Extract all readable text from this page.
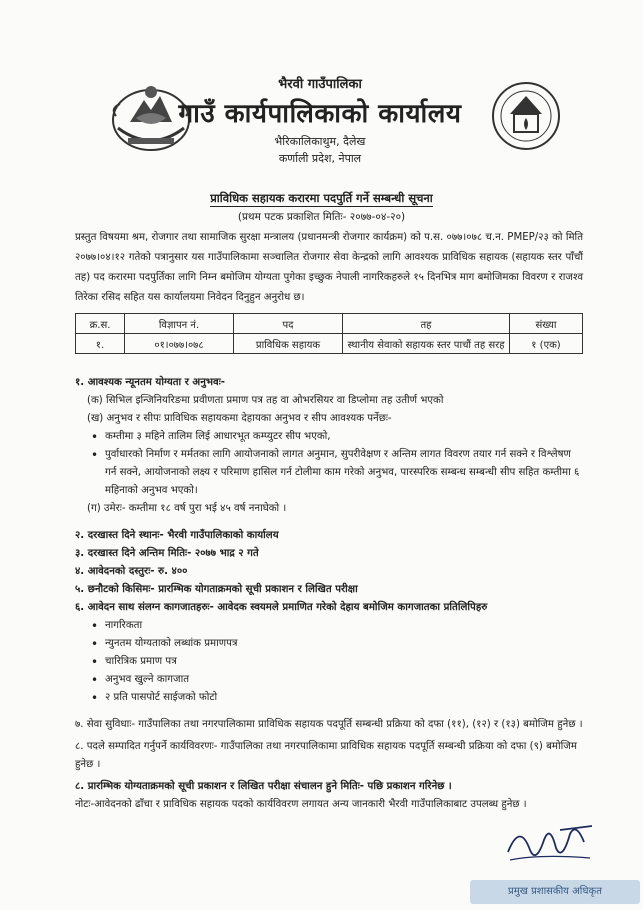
भैरवी गाउँपालिका
गाउँ कार्यपालिकाको कार्यालय
भैरिकालिकाथुम, दैलेख
कर्णाली प्रदेश, नेपाल
प्राविधिक सहायक करारमा पदपुर्ति गर्ने सम्बन्धी सूचना
(प्रथम पटक प्रकाशित मितिः- २०७७-०४-२०)
प्रस्तुत विषयमा श्रम, रोजगार तथा सामाजिक सुरक्षा मन्त्रालय (प्रधानमन्त्री रोजगार कार्यक्रम) को प.स. ०७७।०७८ च.न. PMEP/२३ को मिति २०७७।०४।१२ गतेको पत्रानुसार यस गाउँपालिकामा सञ्चालित रोजगार सेवा केन्द्रको लागि आवश्यक प्राविधिक सहायक (सहायक स्तर पाँचौं तह) पद करारमा पदपुर्तिका लागि निम्न बमोजिम योग्यता पुगेका इच्छुक नेपाली नागरिकहरुले १५ दिनभित्र माग बमोजिमका विवरण र राजश्व तिरेका रसिद सहित यस कार्यालयमा निवेदन दिनुहुन अनुरोध छ।
क्र.स.	विज्ञापन नं.	पद	तह	संख्या
१.	०१।०७७।०७८	प्राविधिक सहायक	स्थानीय सेवाको सहायक स्तर पाचौं तह सरह	१ (एक)
१. आवश्यक न्यूनतम योग्यता र अनुभवः-
(क) सिभिल इन्जिनियरिङमा प्रवीणता प्रमाण पत्र तह वा ओभरसियर वा डिप्लोमा तह उतीर्ण भएको
(ख) अनुभव र सीपः प्राविधिक सहायकमा देहायका अनुभव र सीप आवश्यक पर्नेछः-
• कम्तीमा ३ महिने तालिम लिई आधारभूत कम्प्युटर सीप भएको,
• पुर्वाधारको निर्माण र मर्मतका लागि आयोजनाको लागत अनुमान, सुपरीवेक्षण र अन्तिम लागत विवरण तयार गर्न सक्ने र विश्लेषण गर्न सक्ने, आयोजनाको लक्ष्य र परिमाण हासिल गर्न टोलीमा काम गरेको अनुभव, पारस्परिक सम्बन्ध सम्बन्धी सीप सहित कम्तीमा ६ महिनाको अनुभव भएको।
(ग) उमेरः- कम्तीमा १८ वर्ष पुरा भई ४५ वर्ष ननाघेको ।
२. दरखास्त दिने स्थानः- भैरवी गाउँपालिकाको कार्यालय
३. दरखास्त दिने अन्तिम मितिः- २०७७ भाद्र २ गते
४. आवेदनको दस्तुरः- रु. ४००
५. छनौटको किसिमः- प्रारम्भिक योगताक्रमको सूची प्रकाशन र लिखित परीक्षा
६. आवेदन साथ संलग्न कागजातहरुः- आवेदक स्वयमले प्रमाणित गरेको देहाय बमोजिम कागजातका प्रतिलिपिहरु
• नागरिकता
• न्युनतम योग्यताको लब्धांक प्रमाणपत्र
• चारित्रिक प्रमाण पत्र
• अनुभव खुल्ने कागजात
• २ प्रति पासपोर्ट साईजको फोटो
७. सेवा सुविधाः- गाउँपालिका तथा नगरपालिकामा प्राविधिक सहायक पदपूर्ति सम्बन्धी प्रक्रिया को दफा (११), (१२) र (१३) बमोजिम हुनेछ ।
८. पदले सम्पादित गर्नुपर्ने कार्यविवरणः- गाउँपालिका तथा नगरपालिकामा प्राविधिक सहायक पदपूर्ति सम्बन्धी प्रक्रिया को दफा (९) बमोजिम हुनेछ ।
८. प्रारम्भिक योग्यताक्रमको सूची प्रकाशन र लिखित परीक्षा संचालन हुने मितिः- पछि प्रकाशन गरिनेछ ।
नोटः-आवेदनको ढाँचा र प्राविधिक सहायक पदको कार्यविवरण लगायत अन्य जानकारी भैरवी गाउँपालिकाबाट उपलब्ध हुनेछ ।
प्रमुख प्रशासकीय अधिकृत
